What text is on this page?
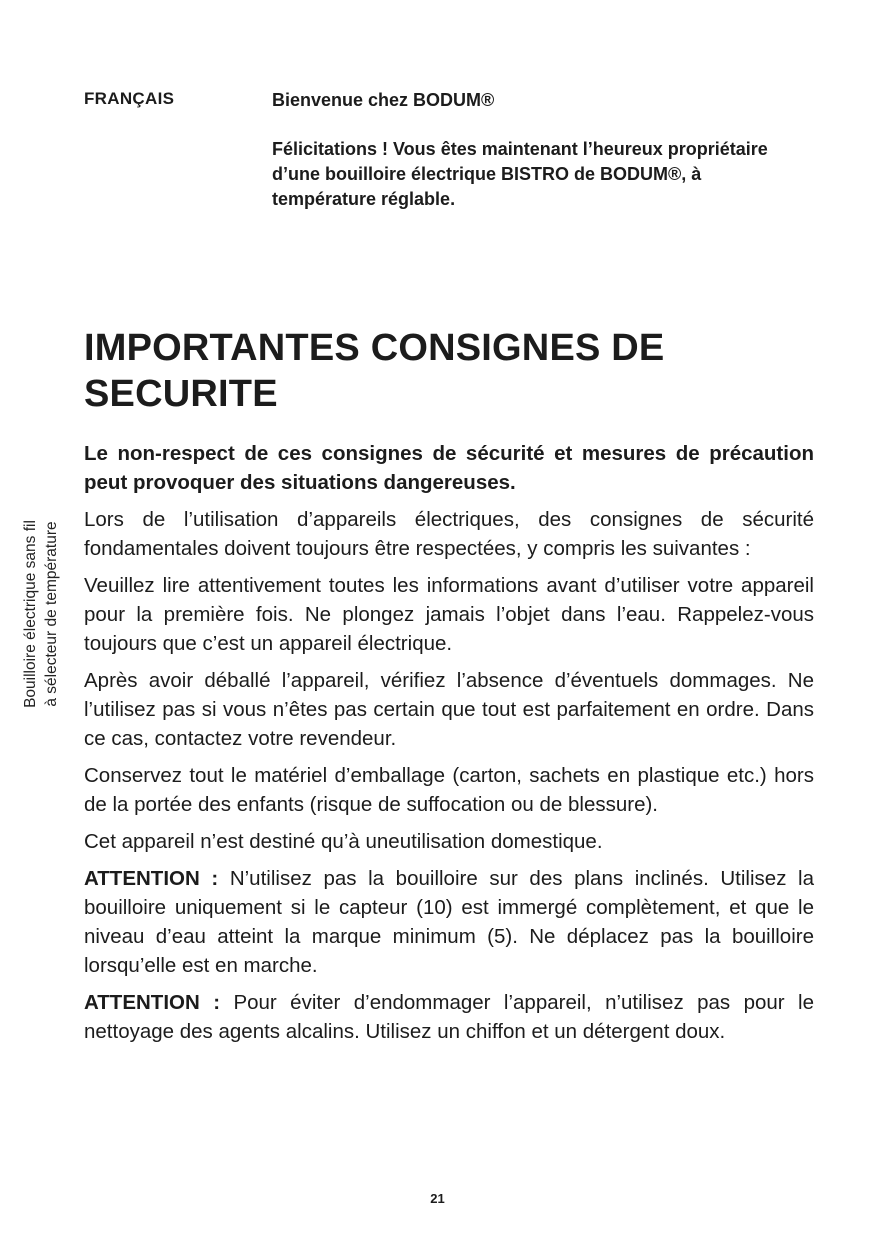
FRANÇAIS	Bienvenue chez BODUM®

Félicitations ! Vous êtes maintenant l’heureux propriétaire d’une bouilloire électrique BISTRO de BODUM®, à température réglable.

Bouilloire électrique sans fil à sélecteur de température
IMPORTANTES CONSIGNES DE SECURITE

Le non-respect de ces consignes de sécurité et mesures de précaution peut provoquer des situations dangereuses.

Lors de l’utilisation d’appareils électriques, des consignes de sécurité fondamentales doivent toujours être respectées, y compris les suivantes :

Veuillez lire attentivement toutes les informations avant d’utiliser votre appareil pour la première fois. Ne plongez jamais l’objet dans l’eau. Rappelez-vous toujours que c’est un appareil électrique.

Après avoir déballé l’appareil, vérifiez l’absence d’éventuels dommages. Ne l’utilisez pas si vous n’êtes pas certain que tout est parfaitement en ordre. Dans ce cas, contactez votre revendeur.

Conservez tout le matériel d’emballage (carton, sachets en plastique etc.) hors de la portée des enfants (risque de suffocation ou de blessure).

Cet appareil n’est destiné qu’à uneutilisation domestique.

ATTENTION : N’utilisez pas la bouilloire sur des plans inclinés. Utilisez la bouilloire uniquement si le capteur (10) est immergé complètement, et que le niveau d’eau atteint la marque minimum (5). Ne déplacez pas la bouilloire lorsqu’elle est en marche.

ATTENTION : Pour éviter d’endommager l’appareil, n’utilisez pas pour le nettoyage des agents alcalins. Utilisez un chiffon et un détergent doux.

21
